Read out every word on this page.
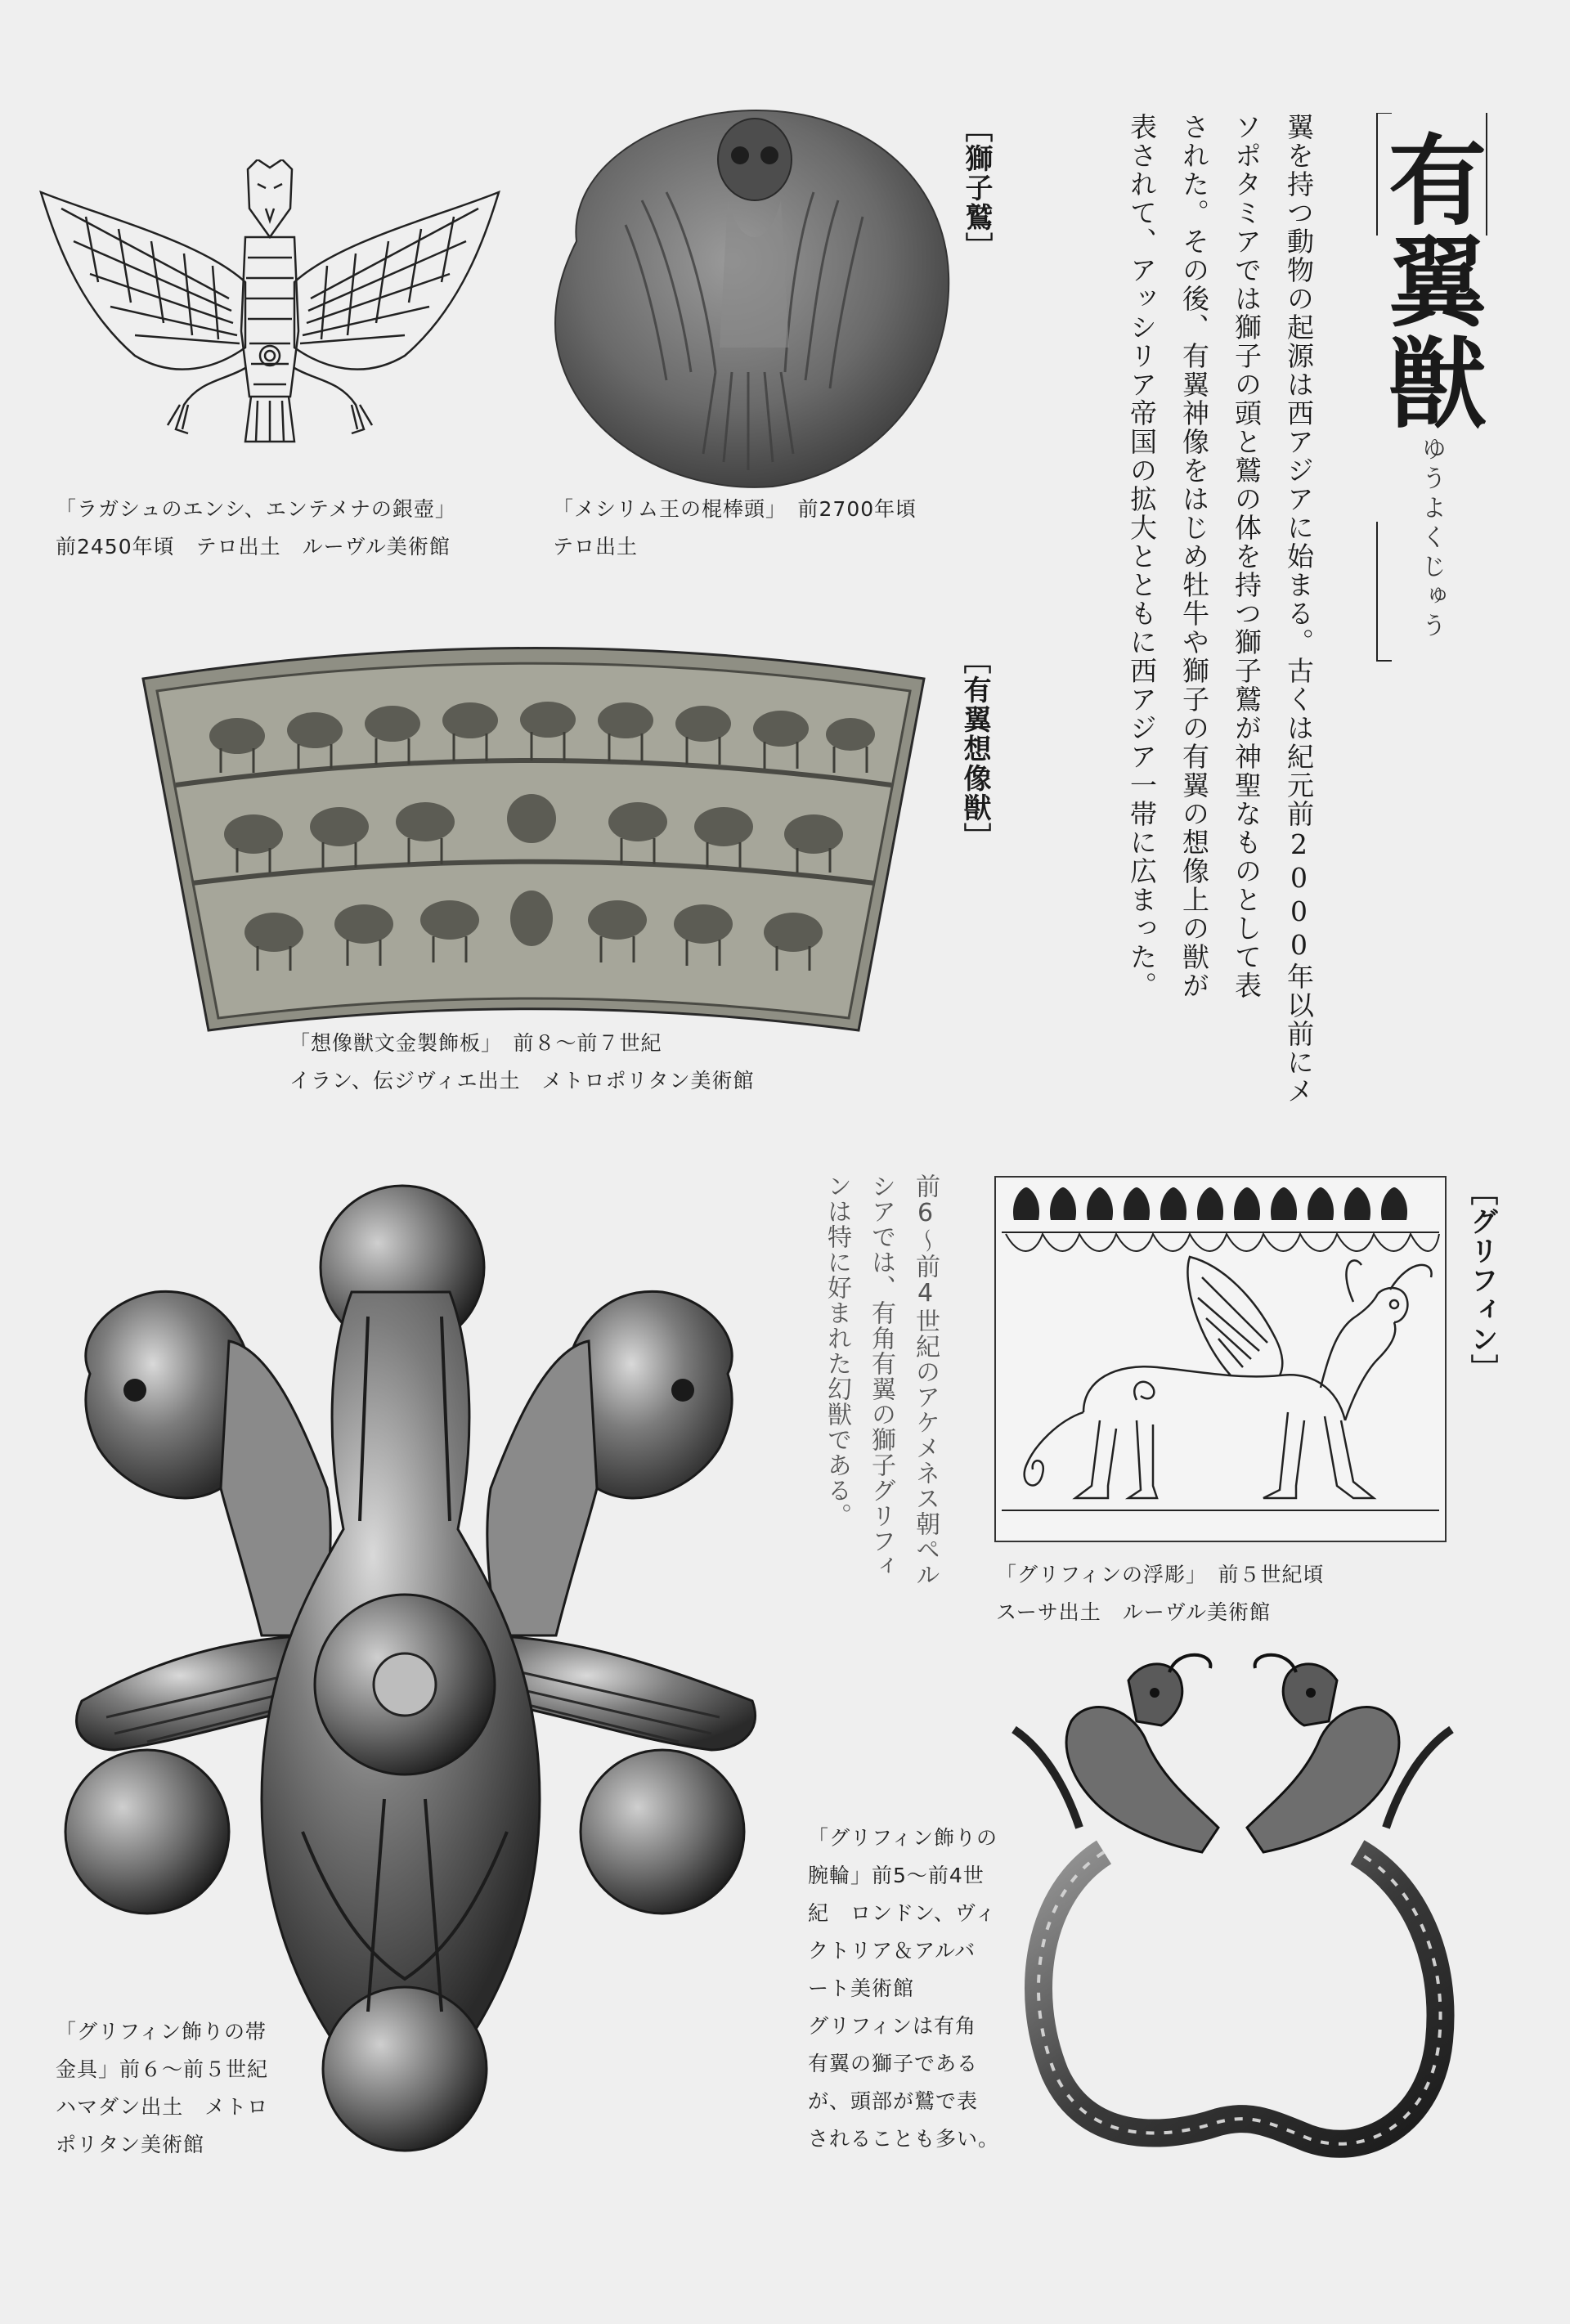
有翼獣
ゆうよくじゅう
翼を持つ動物の起源は西アジアに始まる。古くは紀元前2000年以前にメ
ソポタミアでは獅子の頭と鷲の体を持つ獅子鷲が神聖なものとして表
された。その後、有翼神像をはじめ牡牛や獅子の有翼の想像上の獣が
表されて、アッシリア帝国の拡大とともに西アジア一帯に広まった。
［獅子鷲］
［有翼想像獣］
［グリフィン］
前6～前4世紀のアケメネス朝ペル
シアでは、有角有翼の獅子グリフィ
ンは特に好まれた幻獣である。
「ラガシュのエンシ、エンテメナの銀壺」
前2450年頃　テロ出土　ルーヴル美術館
「メシリム王の棍棒頭」　前2700年頃
テロ出土
「想像獣文金製飾板」　前８～前７世紀
イラン、伝ジヴィエ出土　メトロポリタン美術館
「グリフィンの浮彫」　前５世紀頃
スーサ出土　ルーヴル美術館
「グリフィン飾りの帯
金具」前６～前５世紀
ハマダン出土　メトロ
ポリタン美術館
「グリフィン飾りの
腕輪」前5～前4世
紀　ロンドン、ヴィ
クトリア＆アルバ
ート美術館
グリフィンは有角
有翼の獅子である
が、頭部が鷲で表
されることも多い。
